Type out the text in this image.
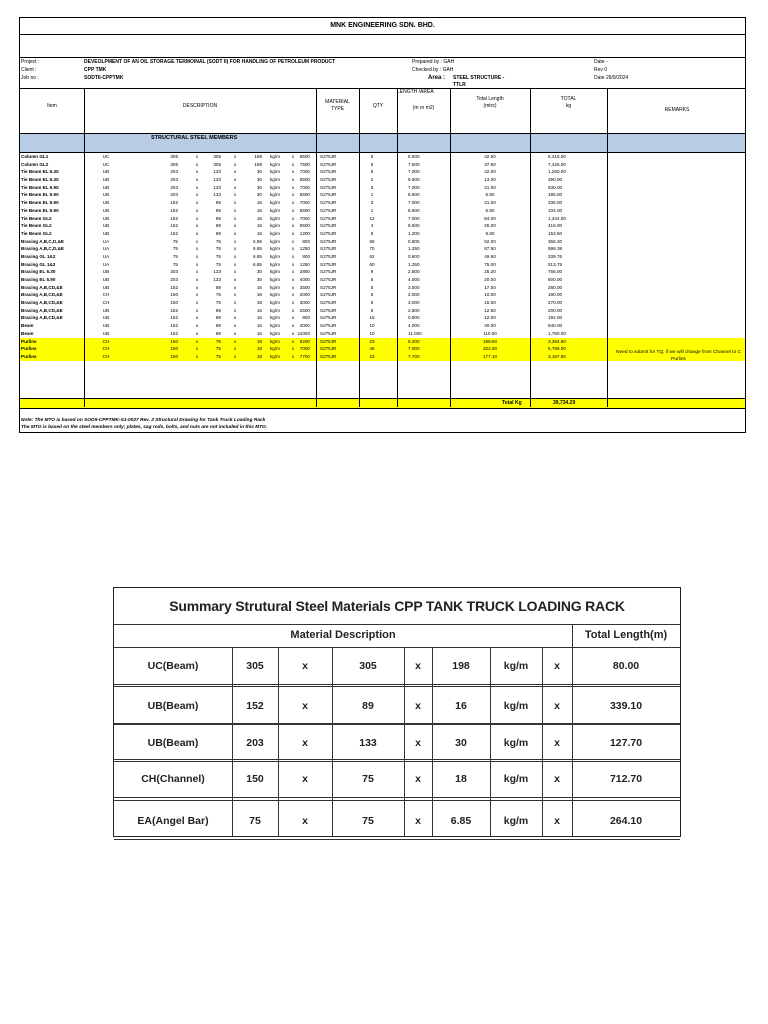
MNK ENGINEERING SDN. BHD.
Project :	DEVEOLPMENT OF AN OIL STORAGE TERMOINAL (SODT II) FOR HANDLING OF PETROLEUM PRODUCT
Client :	CPP TMK
Job no :	SODTII-CPPTMK
Prepared by : GAH
Checked by : GAH
Area : STEEL STRUCTURE -
TTLR
Date -
Rev 0
Date 26/9/2024
Item	DESCRIPTION
MATERIAL
TYPE	QTY
LENGTH /AREA
(m or m2)
Total Length
(mtrs)
TOTAL
kg
REMARKS
STRUCTURAL STEEL MEMBERS
Column GL1	UC	305	x	305	x	198 kg/m	x	8500 S275JR	5	8.500	42.50	8,415.00
Column GL2	UC	305	x	305	x	198 kg/m	x	7500 S275JR	5	7.500	37.50	7,425.00
Tie Beam EL 5.30	UB	203	x	133	x	30 kg/m	x	7000 S275JR	6	7.000	42.00	1,260.00
Tie Beam EL 5.30	UB	203	x	133	x	30 kg/m	x	6500 S275JR	2	6.500	13.00	390.00
Tie Beam EL 5.90	UB	203	x	133	x	30 kg/m	x	7000 S275JR	3	7.000	21.00	630.00
Tie Beam EL 5.90	UB	203	x	133	x	30 kg/m	x	6500 S275JR	1	6.500	6.50	195.00
Tie Beam EL 5.90	UB	152	x	89	x	16 kg/m	x	7000 S275JR	3	7.000	21.00	336.00
Tie Beam EL 5.90	UB	152	x	89	x	16 kg/m	x	6500 S275JR	1	6.500	6.50	104.00
Tie Beam GL2	UB	152	x	89	x	16 kg/m	x	7000 S275JR	12	7.000	84.00	1,344.00
Tie Beam GL2	UB	152	x	89	x	16 kg/m	x	6500 S275JR	4	6.500	26.00	416.00
Tie Beam GL2	UB	152	x	89	x	16 kg/m	x	1200 S275JR	8	1.200	9.60	153.60
Bracing A,B,C,D,&E	UA	75	x	75	x	6.85 kg/m	x	800 S275JR	65	0.800	52.00	356.20
Bracing A,B,C,D,&E	UA	75	x	75	x	6.85 kg/m	x	1250 S275JR	70	1.250	87.50	599.38
Bracing GL 1&2	UA	75	x	75	x	6.85 kg/m	x	800 S275JR	62	0.800	49.60	339.76
Bracing GL 1&2	UA	75	x	75	x	6.85 kg/m	x	1250 S275JR	60	1.250	75.00	513.75
Bracing EL 5.30	UB	203	x	133	x	30 kg/m	x	2800 S275JR	9	2.800	25.20	756.00
Bracing EL 5.90	UB	203	x	133	x	30 kg/m	x	4000 S275JR	5	4.000	20.00	600.00
Bracing A,B,CD,&E	UB	152	x	89	x	16 kg/m	x	3500 S275JR	5	3.500	17.50	280.00
Bracing A,B,CD,&E	CH	150	x	75	x	18 kg/m	x	2000 S275JR	5	2.000	10.00	180.00
Bracing A,B,CD,&E	CH	150	x	75	x	18 kg/m	x	3000 S275JR	5	3.000	15.00	270.00
Bracing A,B,CD,&E	UB	152	x	89	x	16 kg/m	x	2500 S275JR	5	2.500	12.50	200.00
Bracing A,B,CD,&E	UB	152	x	89	x	16 kg/m	x	800 S275JR	15	0.800	12.00	192.00
Beam	UB	152	x	89	x	16 kg/m	x	4000 S275JR	10	4.000	40.00	640.00
Beam	UB	152	x	89	x	16 kg/m	x 11000 S275JR	10	11.000	110.00	1,760.00
Purlins	CH	150	x	75	x	18 kg/m	x	8200 S275JR	23	8.200	188.60	3,394.80
Purlins	CH	150	x	75	x	18 kg/m	x	7000 S275JR	46	7.000	322.00	5,796.00
Purlins	CH	150	x	75	x	18 kg/m	x	7700 S275JR	23	7.700	177.10	3,187.80
Need to submit for TQ, if we will change from Channel to C Purlins
Total Kg	39,734.29
Note: The MTO is based on SODII-CPPTMK-S1-0027 Rev. 2 Structural Drawing for Tank Truck Loading Rack
The MTO is based on the steel members only; plates, sag rods, bolts, and nuts are not included in this MTO.
Summary Strutural Steel Materials CPP TANK TRUCK LOADING RACK
Material Description	Total Length(m)
UC(Beam)	305	x	305	x	198	kg/m	x	80.00
UB(Beam)	152	x	89	x	16	kg/m	x	339.10
UB(Beam)	203	x	133	x	30	kg/m	x	127.70
CH(Channel)	150	x	75	x	18	kg/m	x	712.70
EA(Angel Bar)	75	x	75	x	6.85	kg/m	x	264.10
